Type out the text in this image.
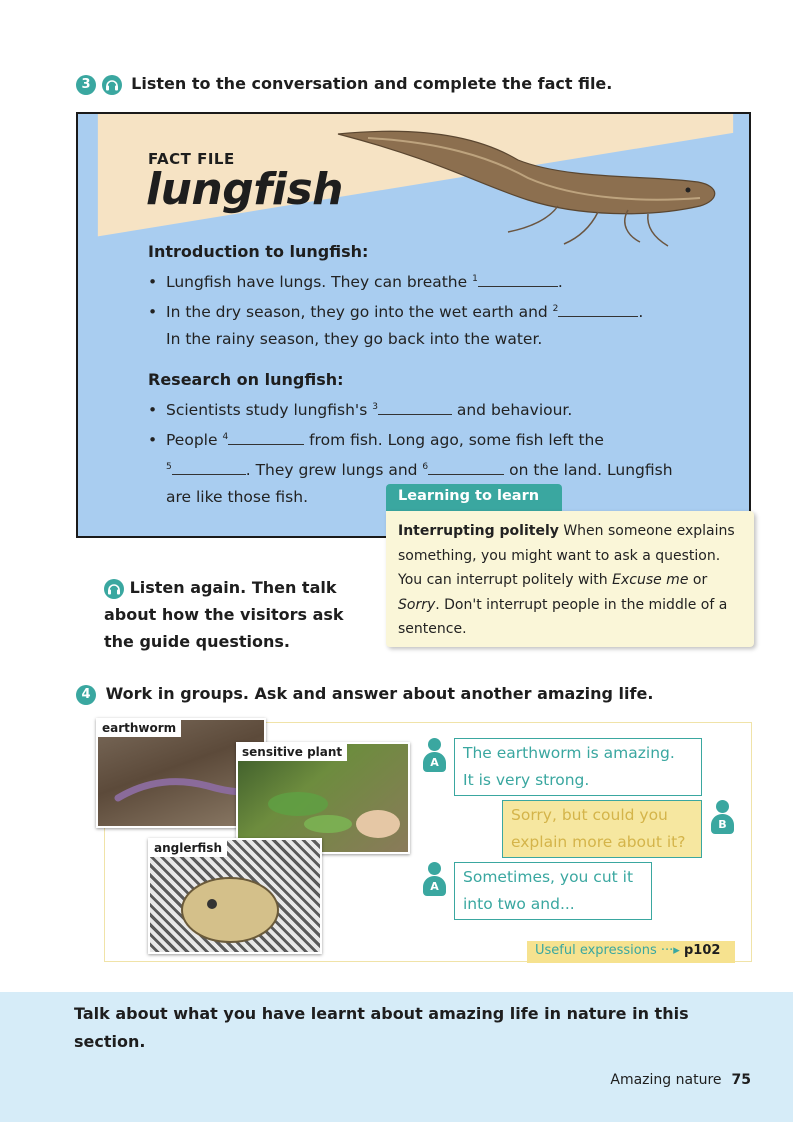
3	Listen to the conversation and complete the fact file.
FACT FILE
lungfish
Introduction to lungfish:
• Lungfish have lungs. They can breathe $^1$	.
• In the dry season, they go into the wet earth and $^2$	.
In the rainy season, they go back into the water.
Research on lungfish:
• Scientists study lungfish's $^3$	and behaviour.
• People $^4$	from fish. Long ago, some fish left the
$^5$	. They grew lungs and $^6$	on the land. Lungfish
are like those fish.	Learning to learn
Interrupting politely When someone explains something, you might want to ask a question. You can interrupt politely with Excuse me or Sorry. Don't interrupt people in the middle of a sentence.
Listen again. Then talk about how the visitors ask the guide questions.
4 Work in groups. Ask and answer about another amazing life.
earthworm
sensitive plant
anglerfish
A
The earthworm is amazing.
It is very strong.
Sorry, but could you
explain more about it?
B
A
Sometimes, you cut it
into two and...
Useful expressions ···▸ p102
Talk about what you have learnt about amazing life in nature in this section.
Amazing nature 75
